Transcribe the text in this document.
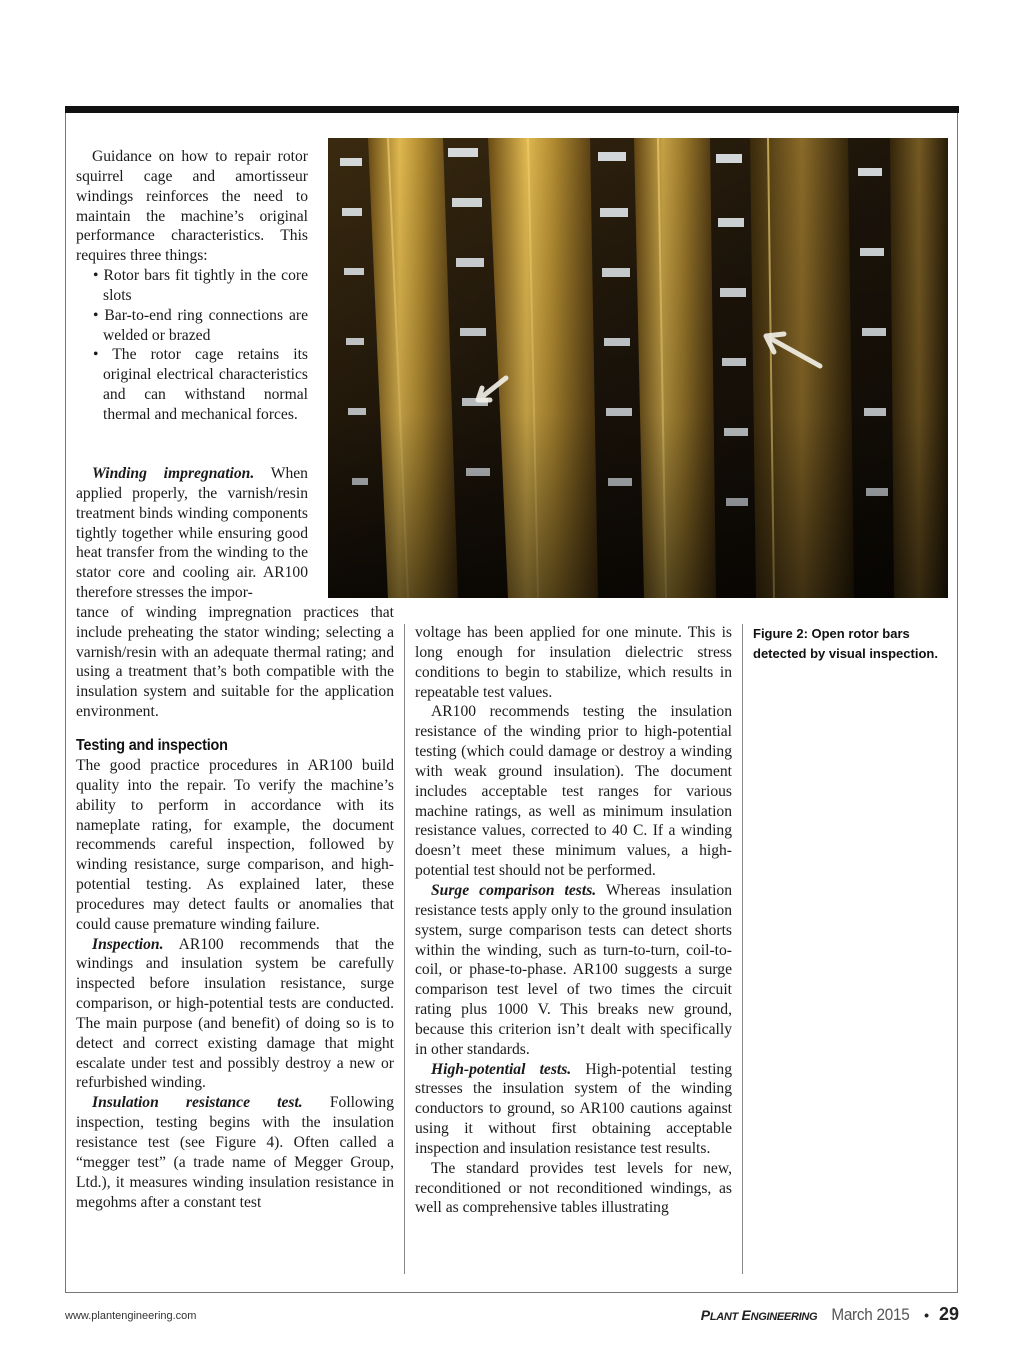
Guidance on how to repair rotor squirrel cage and amortisseur windings reinforces the need to maintain the machine’s original performance characteristics. This requires three things:

• Rotor bars fit tightly in the core slots
• Bar-to-end ring connections are welded or brazed
• The rotor cage retains its original electrical characteristics and can withstand normal thermal and mechanical forces.

Winding impregnation. When applied properly, the varnish/resin treatment binds winding components tightly together while ensuring good heat transfer from the winding to the stator core and cooling air. AR100 therefore stresses the impor-

tance of winding impregnation practices that include preheating the stator winding; selecting a varnish/resin with an adequate thermal rating; and using a treatment that’s both compatible with the insulation system and suitable for the application environment.

Testing and inspection

The good practice procedures in AR100 build quality into the repair. To verify the machine’s ability to perform in accordance with its nameplate rating, for example, the document recommends careful inspection, followed by winding resistance, surge comparison, and high-potential testing. As explained later, these procedures may detect faults or anomalies that could cause premature winding failure.

Inspection. AR100 recommends that the windings and insulation system be carefully inspected before insulation resistance, surge comparison, or high-potential tests are conducted. The main purpose (and benefit) of doing so is to detect and correct existing damage that might escalate under test and possibly destroy a new or refurbished winding.

Insulation resistance test. Following inspection, testing begins with the insulation resistance test (see Figure 4). Often called a “megger test” (a trade name of Megger Group, Ltd.), it measures winding insulation resistance in megohms after a constant test

voltage has been applied for one minute. This is long enough for insulation dielectric stress conditions to begin to stabilize, which results in repeatable test values.

AR100 recommends testing the insulation resistance of the winding prior to high-potential testing (which could damage or destroy a winding with weak ground insulation). The document includes acceptable test ranges for various machine ratings, as well as minimum insulation resistance values, corrected to 40 C. If a winding doesn’t meet these minimum values, a high-potential test should not be performed.

Surge comparison tests. Whereas insulation resistance tests apply only to the ground insulation system, surge comparison tests can detect shorts within the winding, such as turn-to-turn, coil-to-coil, or phase-to-phase. AR100 suggests a surge comparison test level of two times the circuit rating plus 1000 V. This breaks new ground, because this criterion isn’t dealt with specifically in other standards.

High-potential tests. High-potential testing stresses the insulation system of the winding conductors to ground, so AR100 cautions against using it without first obtaining acceptable inspection and insulation resistance test results.

The standard provides test levels for new, reconditioned or not reconditioned windings, as well as comprehensive tables illustrating

Figure 2: Open rotor bars detected by visual inspection.
www.plantengineering.com	PLANT ENGINEERING March 2015 • 29
